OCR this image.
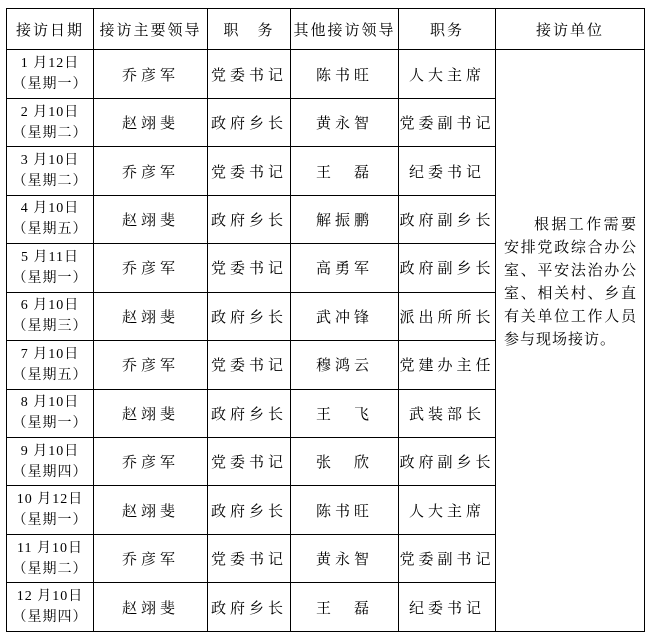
接访日期	接访主要领导	职　务	其他接访领导	职务	接访单位

1 月12日
（星期一）	乔彦军	党委书记	陈书旺	人大主席	根据工作需要安排党政综合办公室、平安法治办公室、相关村、乡直有关单位工作人员参与现场接访。

2 月10日
（星期二）	赵翊斐	政府乡长	黄永智	党委副书记	

3 月10日
（星期二）	乔彦军	党委书记	王　磊	纪委书记	

4 月10日
（星期五）	赵翊斐	政府乡长	解振鹏	政府副乡长	

5 月11日
（星期一）	乔彦军	党委书记	高勇军	政府副乡长	

6 月10日
（星期三）	赵翊斐	政府乡长	武冲锋	派出所所长	

7 月10日
（星期五）	乔彦军	党委书记	穆鸿云	党建办主任	

8 月10日
（星期一）	赵翊斐	政府乡长	王　飞	武装部长	

9 月10日
（星期四）	乔彦军	党委书记	张　欣	政府副乡长	

10 月12日
（星期一）	赵翊斐	政府乡长	陈书旺	人大主席	

11 月10日
（星期二）	乔彦军	党委书记	黄永智	党委副书记	

12 月10日
（星期四）	赵翊斐	政府乡长	王　磊	纪委书记	
